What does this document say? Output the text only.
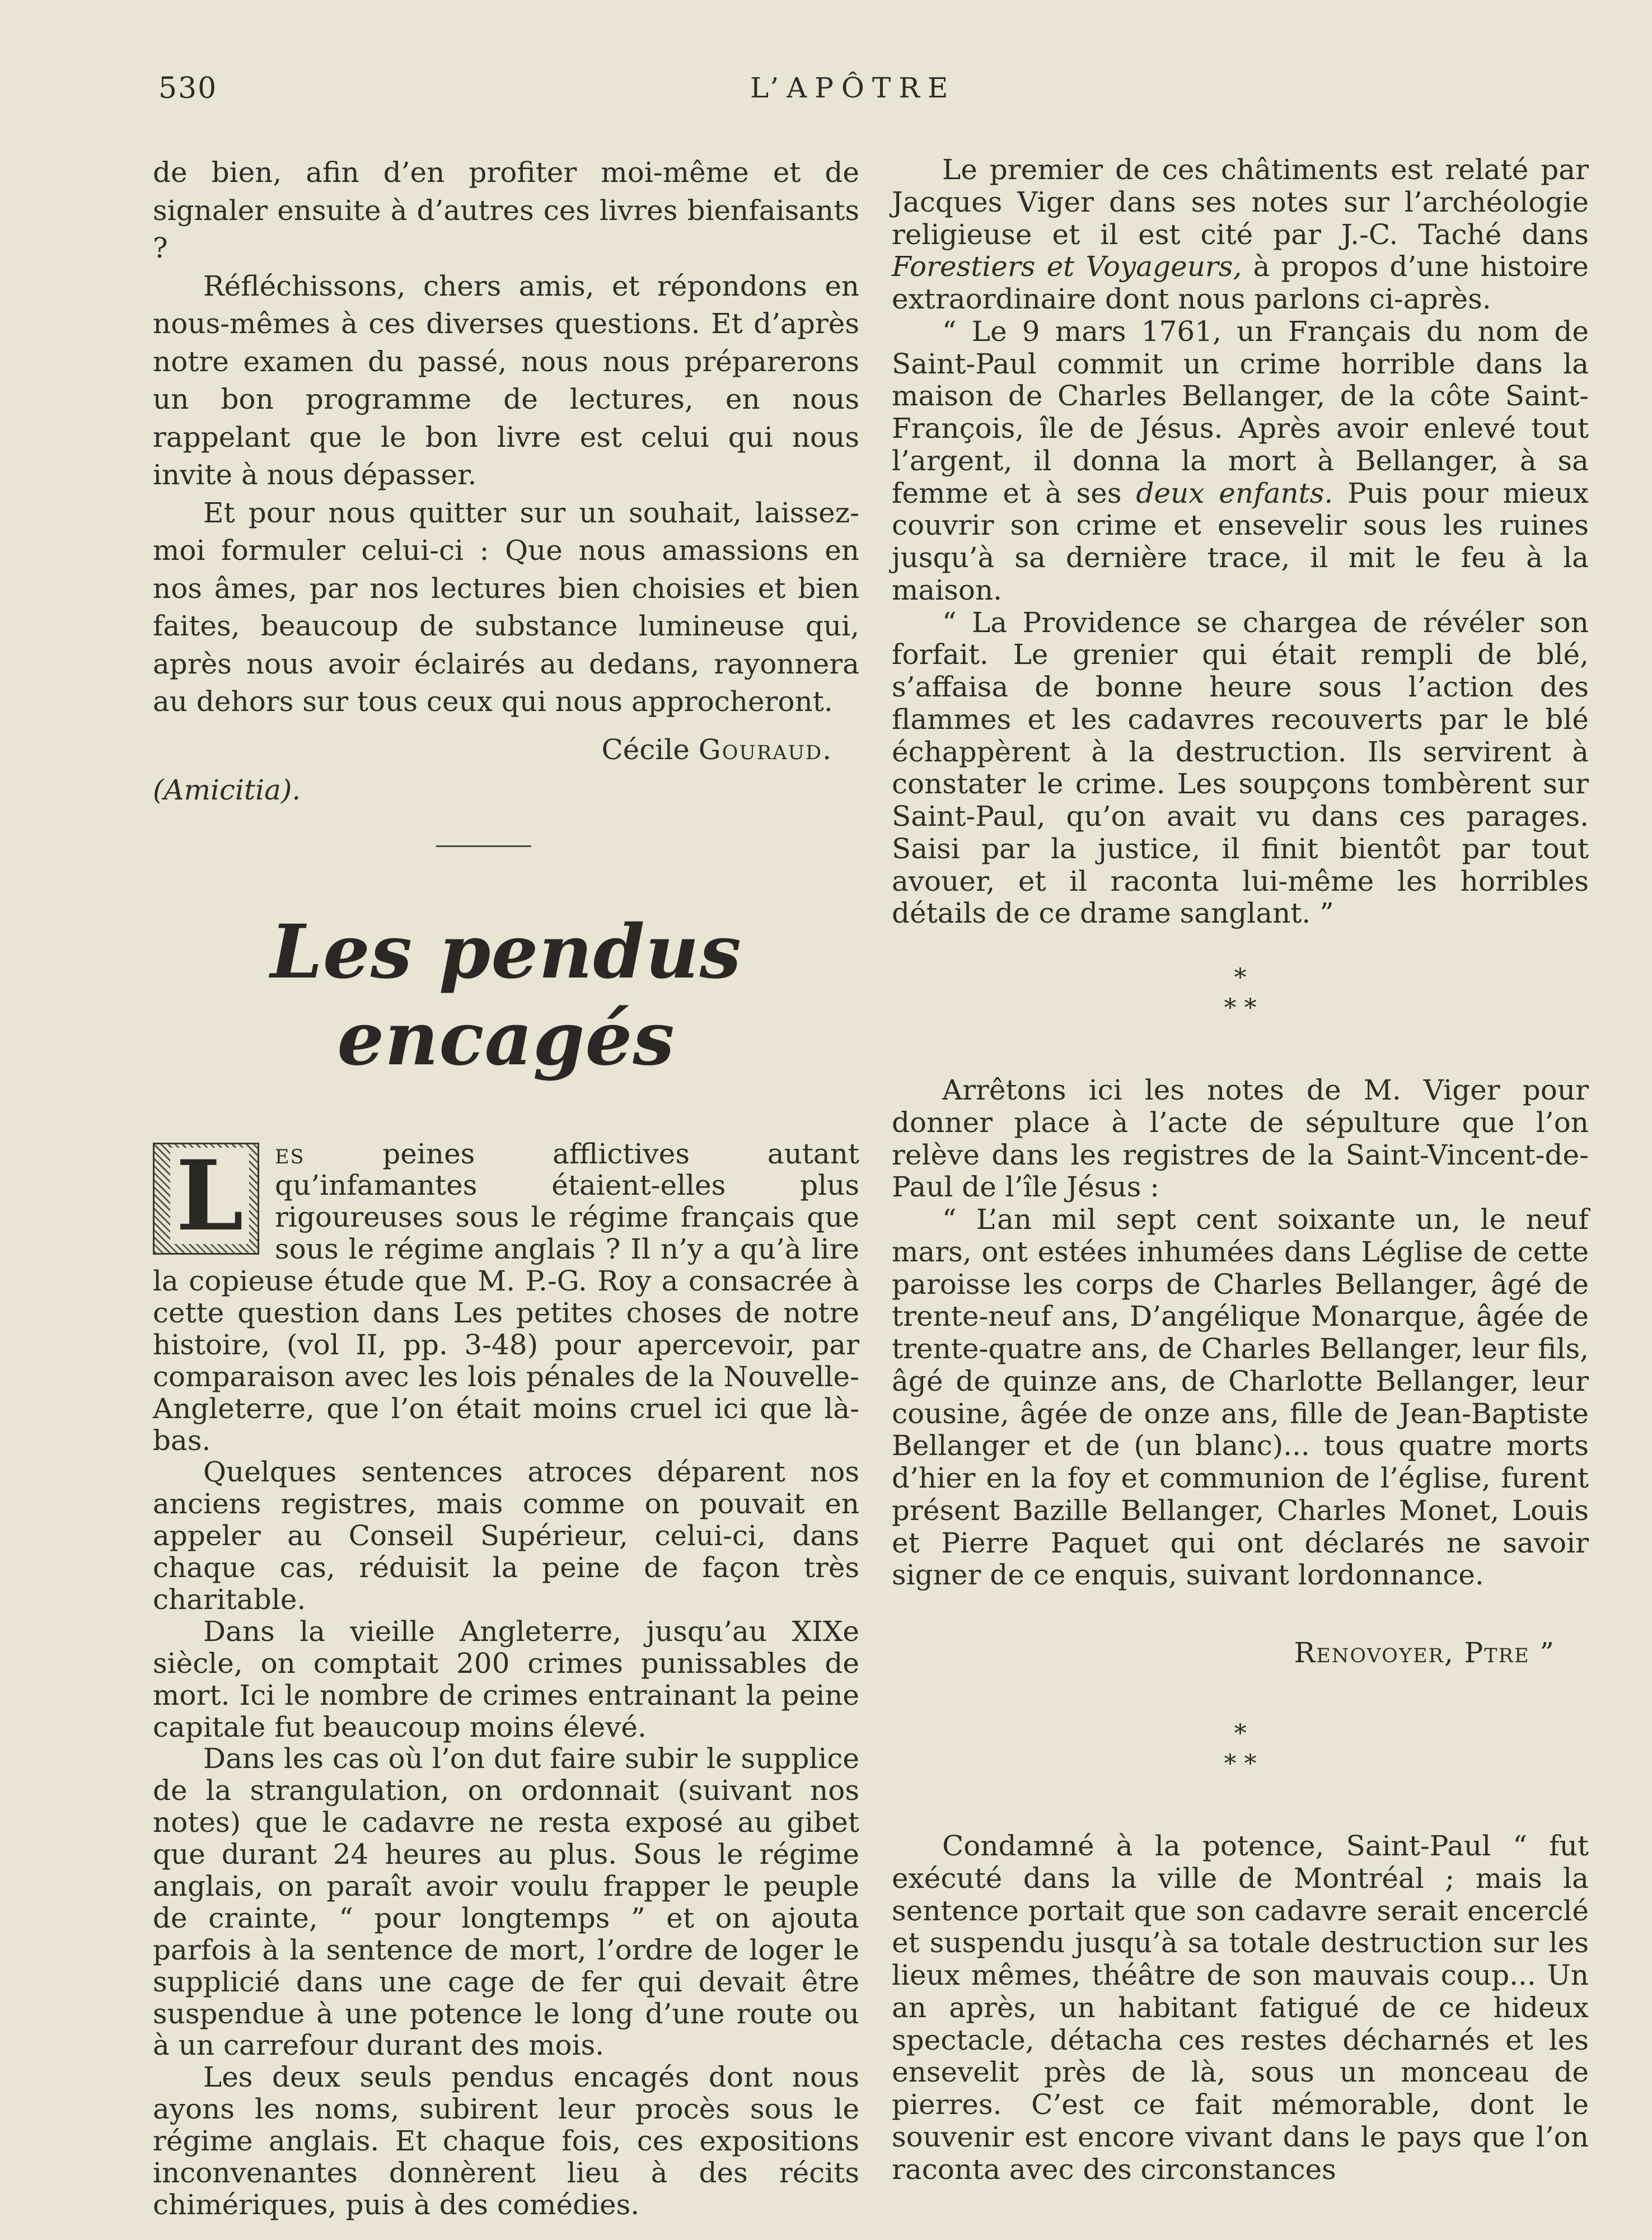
530	L’APÔTRE

de bien, afin d’en profiter moi-même et de signaler ensuite à d’autres ces livres bienfaisants ?

Réfléchissons, chers amis, et répondons en nous-mêmes à ces diverses questions. Et d’après notre examen du passé, nous nous préparerons un bon programme de lectures, en nous rappelant que le bon livre est celui qui nous invite à nous dépasser.

Et pour nous quitter sur un souhait, laissez-moi formuler celui-ci : Que nous amassions en nos âmes, par nos lectures bien choisies et bien faites, beaucoup de substance lumineuse qui, après nous avoir éclairés au dedans, rayonnera au dehors sur tous ceux qui nous approcheront.

Cécile Gouraud.
(Amicitia).
Les pendus encagés
L	es peines afflictives autant qu’infamantes étaient-elles plus rigoureuses sous le régime français que sous le régime anglais ? Il n’y a qu’à lire la copieuse étude que M. P.-G. Roy a consacrée à cette question dans Les petites choses de notre histoire, (vol II, pp. 3-48) pour apercevoir, par comparaison avec les lois pénales de la Nouvelle-Angleterre, que l’on était moins cruel ici que là-bas.

Quelques sentences atroces déparent nos anciens registres, mais comme on pouvait en appeler au Conseil Supérieur, celui-ci, dans chaque cas, réduisit la peine de façon très charitable.

Dans la vieille Angleterre, jusqu’au XIXe siècle, on comptait 200 crimes punissables de mort. Ici le nombre de crimes entrainant la peine capitale fut beaucoup moins élevé.

Dans les cas où l’on dut faire subir le supplice de la strangulation, on ordonnait (suivant nos notes) que le cadavre ne resta exposé au gibet que durant 24 heures au plus. Sous le régime anglais, on paraît avoir voulu frapper le peuple de crainte, “ pour longtemps ” et on ajouta parfois à la sentence de mort, l’ordre de loger le supplicié dans une cage de fer qui devait être suspendue à une potence le long d’une route ou à un carrefour durant des mois.

Les deux seuls pendus encagés dont nous ayons les noms, subirent leur procès sous le régime anglais. Et chaque fois, ces expositions inconvenantes donnèrent lieu à des récits chimériques, puis à des comédies.

Le premier de ces châtiments est relaté par Jacques Viger dans ses notes sur l’archéologie religieuse et il est cité par J.-C. Taché dans Forestiers et Voyageurs, à propos d’une histoire extraordinaire dont nous parlons ci-après.

“ Le 9 mars 1761, un Français du nom de Saint-Paul commit un crime horrible dans la maison de Charles Bellanger, de la côte Saint-François, île de Jésus. Après avoir enlevé tout l’argent, il donna la mort à Bellanger, à sa femme et à ses deux enfants. Puis pour mieux couvrir son crime et ensevelir sous les ruines jusqu’à sa dernière trace, il mit le feu à la maison.

“ La Providence se chargea de révéler son forfait. Le grenier qui était rempli de blé, s’affaisa de bonne heure sous l’action des flammes et les cadavres recouverts par le blé échappèrent à la destruction. Ils servirent à constater le crime. Les soupçons tombèrent sur Saint-Paul, qu’on avait vu dans ces parages. Saisi par la justice, il finit bientôt par tout avouer, et il raconta lui-même les horribles détails de ce drame sanglant. ”

*
* *

Arrêtons ici les notes de M. Viger pour donner place à l’acte de sépulture que l’on relève dans les registres de la Saint-Vincent-de-Paul de l’île Jésus :

“ L’an mil sept cent soixante un, le neuf mars, ont estées inhumées dans Léglise de cette paroisse les corps de Charles Bellanger, âgé de trente-neuf ans, D’angélique Monarque, âgée de trente-quatre ans, de Charles Bellanger, leur fils, âgé de quinze ans, de Charlotte Bellanger, leur cousine, âgée de onze ans, fille de Jean-Baptiste Bellanger et de (un blanc)... tous quatre morts d’hier en la foy et communion de l’église, furent présent Bazille Bellanger, Charles Monet, Louis et Pierre Paquet qui ont déclarés ne savoir signer de ce enquis, suivant lordonnance.

Renovoyer, Ptre ”
*
* *

Condamné à la potence, Saint-Paul “ fut exécuté dans la ville de Montréal ; mais la sentence portait que son cadavre serait encerclé et suspendu jusqu’à sa totale destruction sur les lieux mêmes, théâtre de son mauvais coup... Un an après, un habitant fatigué de ce hideux spectacle, détacha ces restes décharnés et les ensevelit près de là, sous un monceau de pierres. C’est ce fait mémorable, dont le souvenir est encore vivant dans le pays que l’on raconta avec des circonstances
